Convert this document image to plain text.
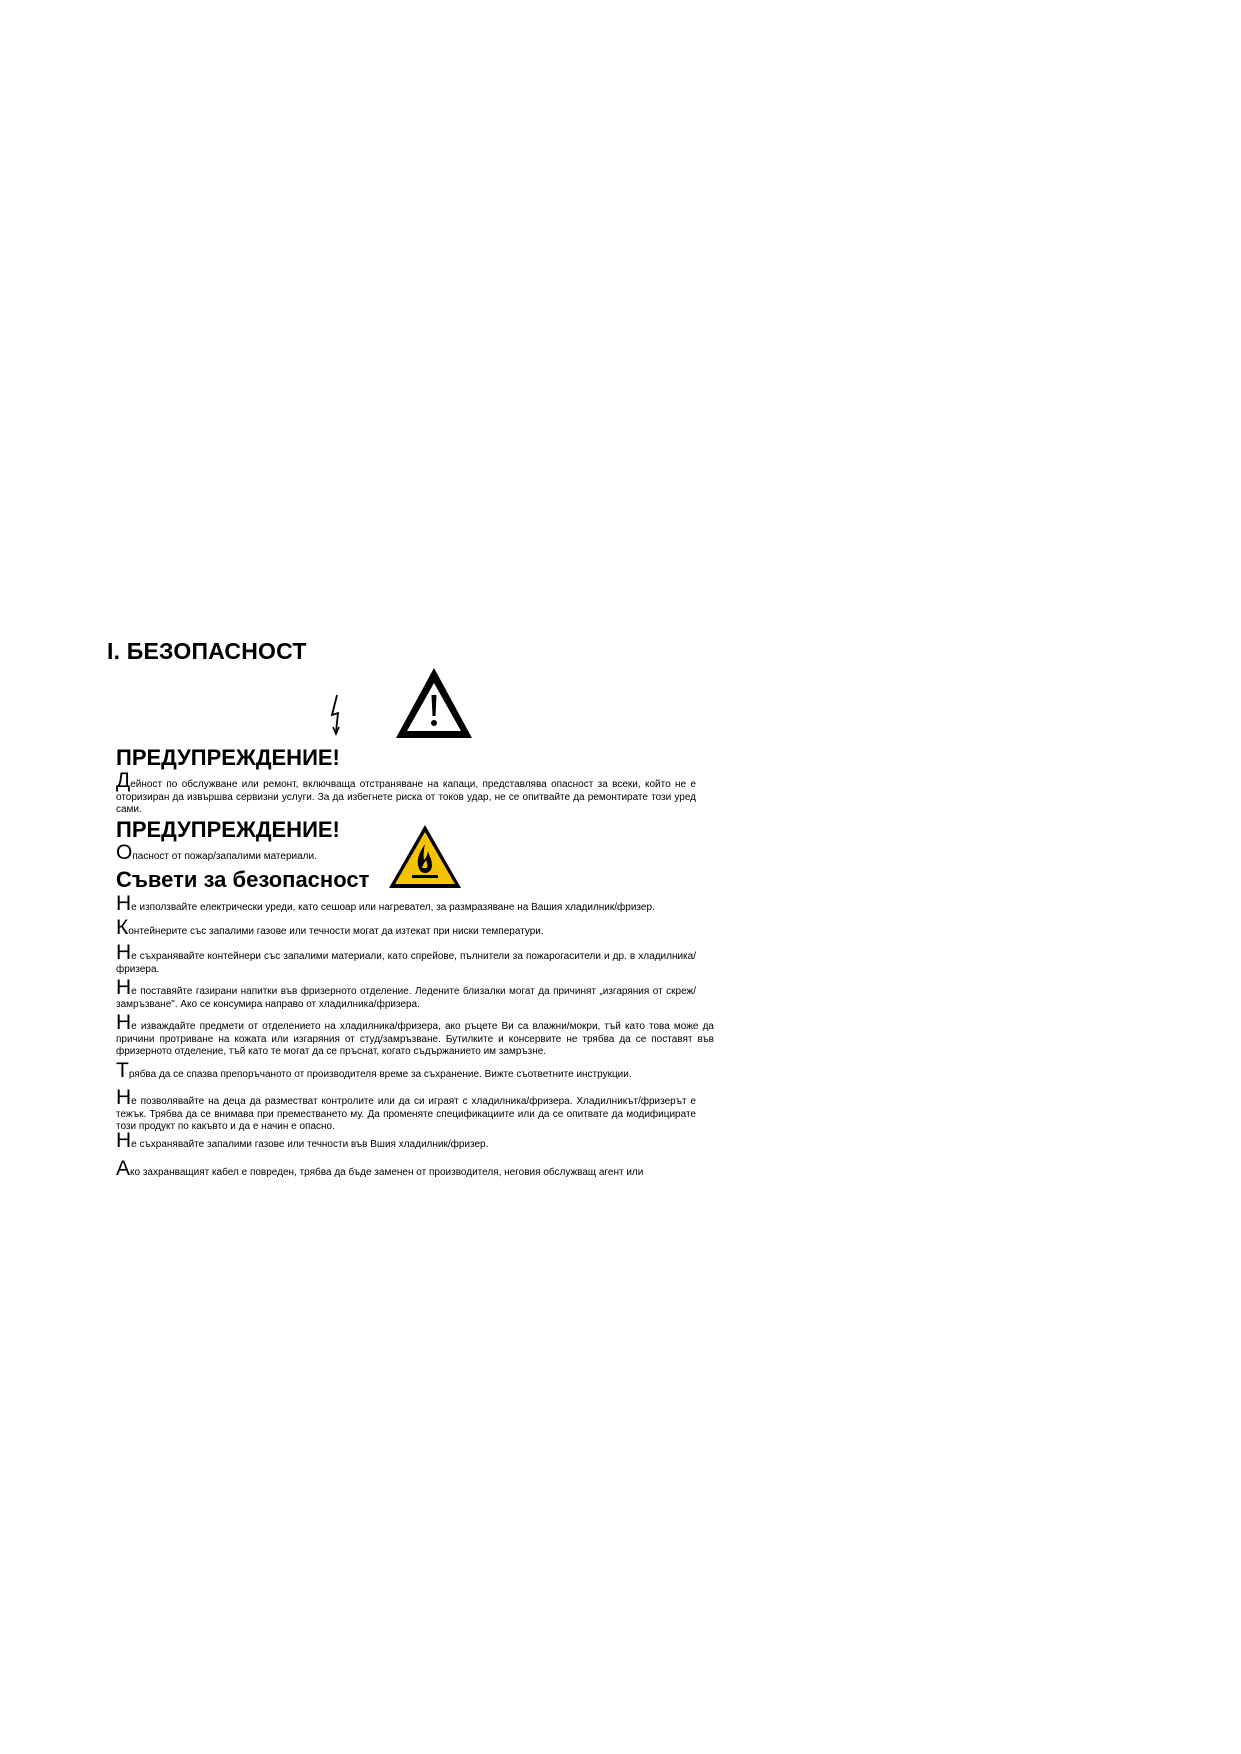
I. БЕЗОПАСНОСТ
ПРЕДУПРЕЖДЕНИЕ!

Дейност по обслужване или ремонт, включваща отстраняване на капаци, представлява опасност за всеки, който не е оторизиран да извършва сервизни услуги. За да избегнете риска от токов удар, не се опитвайте да ремонтирате този уред сами.

ПРЕДУПРЕЖДЕНИЕ!

Опасност от пожар/запалими материали.

Съвети за безопасност

Не използвайте електрически уреди, като сешоар или нагревател, за размразяване на Вашия хладилник/фризер.

Контейнерите със запалими газове или течности могат да изтекат при ниски температури.

Не съхранявайте контейнери със запалими материали, като спрейове, пълнители за пожарогасители и др. в хладилника/фризера.

Не поставяйте газирани напитки във фризерното отделение. Ледените близалки могат да причинят „изгаряния от скреж/замръзване". Ако се консумира направо от хладилника/фризера.

Не изваждайте предмети от отделението на хладилника/фризера, ако ръцете Ви са влажни/мокри, тъй като това може да причини протриване на кожата или изгаряния от студ/замръзване. Бутилките и консервите не трябва да се поставят във фризерното отделение, тъй като те могат да се пръснат, когато съдържанието им замръзне.

Трябва да се спазва препоръчаното от производителя време за съхранение. Вижте съответните инструкции.

Не позволявайте на деца да разместват контролите или да си играят с хладилника/фризера. Хладилникът/фризерът е тежък. Трябва да се внимава при преместването му. Да променяте спецификациите или да се опитвате да модифицирате този продукт по какъвто и да е начин е опасно.

Не съхранявайте запалими газове или течности във Вшия хладилник/фризер.

Ако захранващият кабел е повреден, трябва да бъде заменен от производителя, неговия обслужващ агент или
